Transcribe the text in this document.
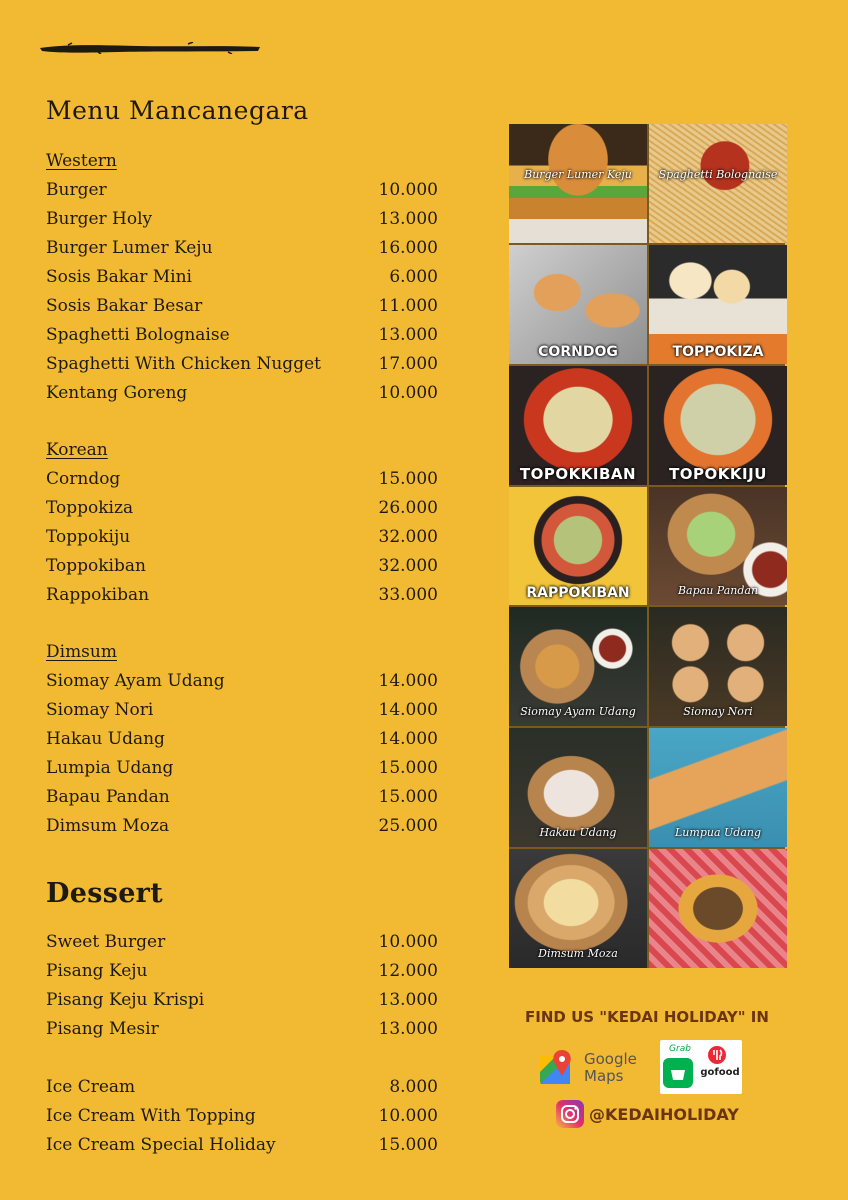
Menu Mancanegara
Western
Burger	10.000
Burger Holy	13.000
Burger Lumer Keju	16.000
Sosis Bakar Mini	6.000
Sosis Bakar Besar	11.000
Spaghetti Bolognaise	13.000
Spaghetti With Chicken Nugget	17.000
Kentang Goreng	10.000
Korean
Corndog	15.000
Toppokiza	26.000
Toppokiju	32.000
Toppokiban	32.000
Rappokiban	33.000
Dimsum
Siomay Ayam Udang	14.000
Siomay Nori	14.000
Hakau Udang	14.000
Lumpia Udang	15.000
Bapau Pandan	15.000
Dimsum Moza	25.000
Dessert
Sweet Burger	10.000
Pisang Keju	12.000
Pisang Keju Krispi	13.000
Pisang Mesir	13.000
Ice Cream	8.000
Ice Cream With Topping	10.000
Ice Cream Special Holiday	15.000
Burger Lumer Keju	Spaghetti Bolognaise
CORNDOG	TOPPOKIZA
TOPOKKIBAN	TOPOKKIJU
RAPPOKIBAN	Bapau Pandan
Siomay Ayam Udang	Siomay Nori
Hakau Udang	Lumpua Udang
Dimsum Moza
FIND US "KEDAI HOLIDAY" IN
Google
Maps
Grab
gofood
@KEDAIHOLIDAY
